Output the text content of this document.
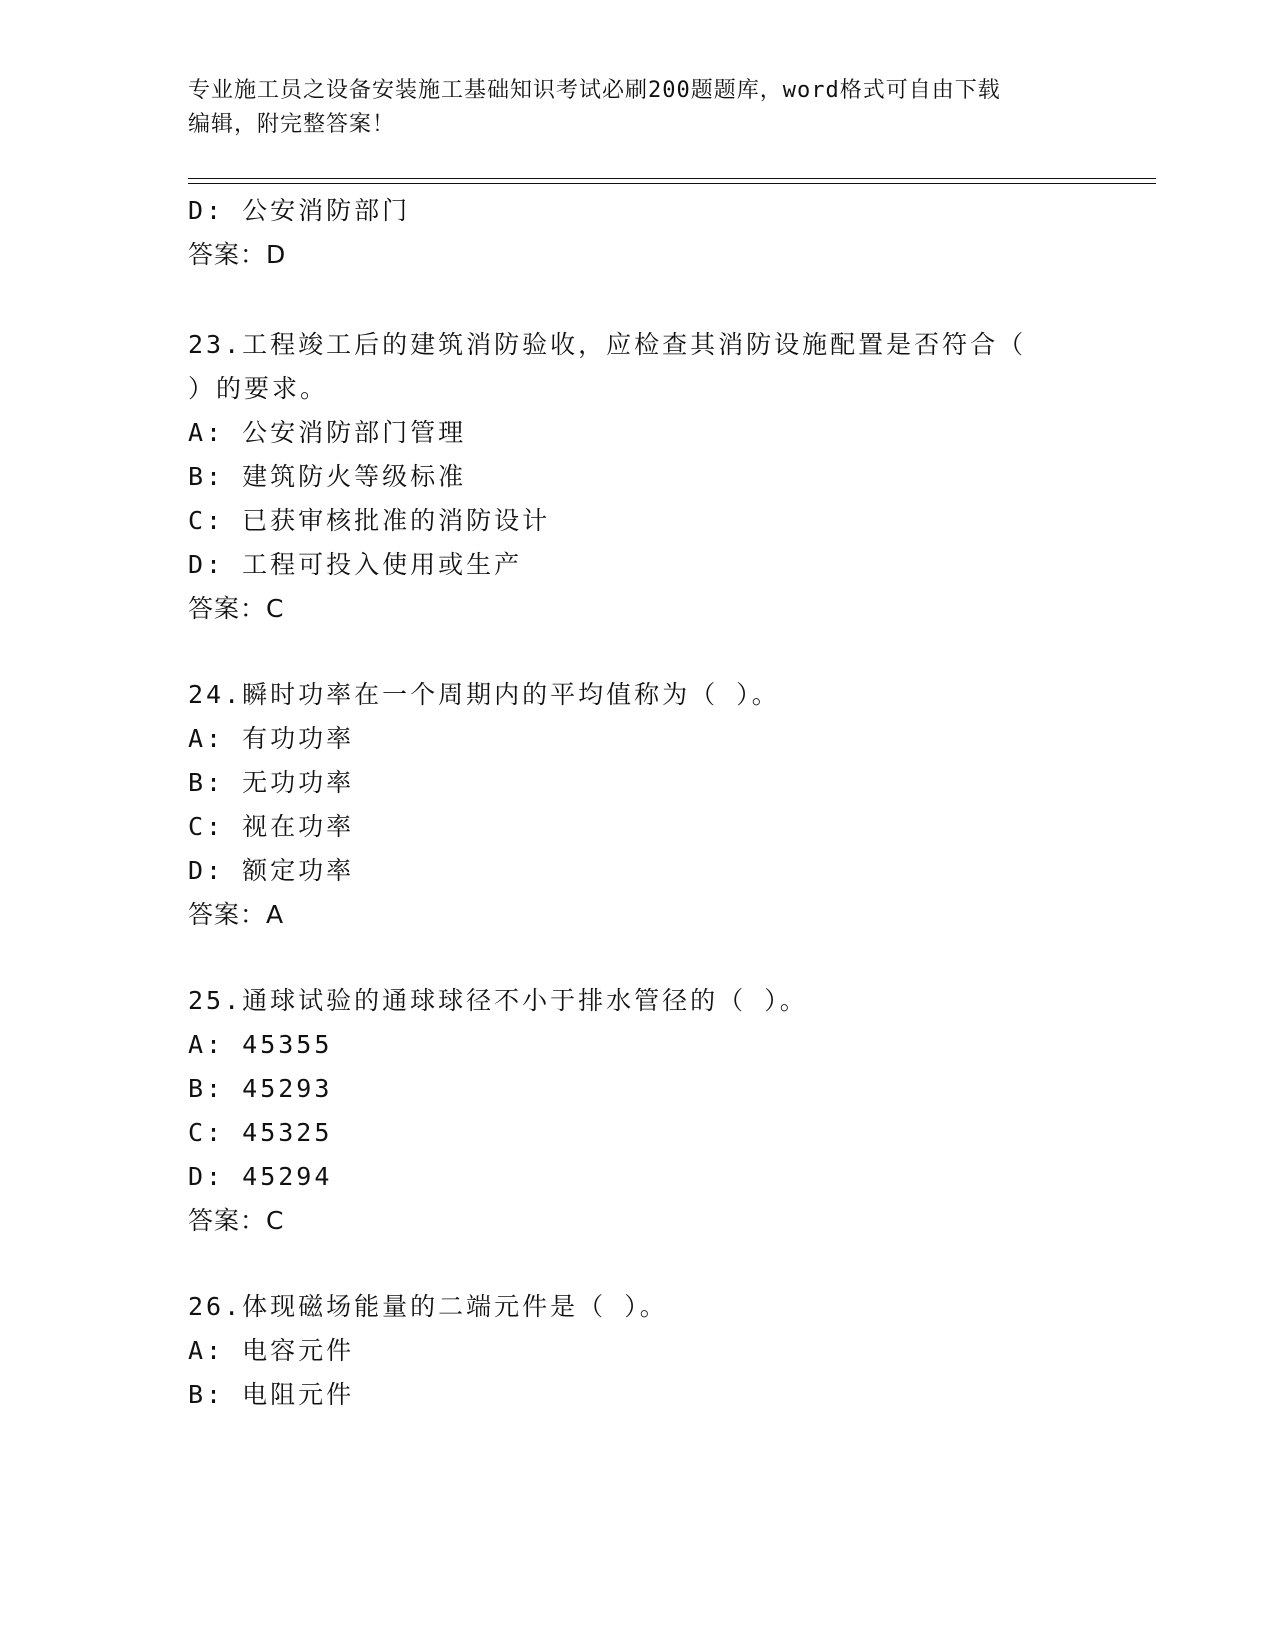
专业施工员之设备安装施工基础知识考试必刷200题题库，word格式可自由下载
编辑，附完整答案！
D: 公安消防部门
答案：D
23.工程竣工后的建筑消防验收，应检查其消防设施配置是否符合（
）的要求。
A: 公安消防部门管理
B: 建筑防火等级标准
C: 已获审核批准的消防设计
D: 工程可投入使用或生产
答案：C
24.瞬时功率在一个周期内的平均值称为（ ）。
A: 有功功率
B: 无功功率
C: 视在功率
D: 额定功率
答案：A
25.通球试验的通球球径不小于排水管径的（ ）。
A: 45355
B: 45293
C: 45325
D: 45294
答案：C
26.体现磁场能量的二端元件是（ ）。
A: 电容元件
B: 电阻元件
